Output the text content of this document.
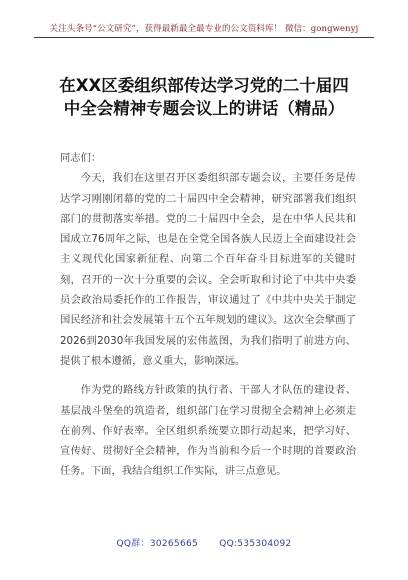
关注头条号“公文研究”，获得最新最全最专业的公文资料库！ 微信：gongwenyj
在XX区委组织部传达学习党的二十届四
中全会精神专题会议上的讲话（精品）

同志们：

今天，我们在这里召开区委组织部专题会议，主要任务是传达学习刚刚闭幕的党的二十届四中全会精神，研究部署我们组织部门的贯彻落实举措。党的二十届四中全会，是在中华人民共和国成立76周年之际，也是在全党全国各族人民迈上全面建设社会主义现代化国家新征程、向第二个百年奋斗目标进军的关键时刻，召开的一次十分重要的会议。全会听取和讨论了中共中央委员会政治局委托作的工作报告，审议通过了《中共中央关于制定国民经济和社会发展第十五个五年规划的建议》。这次全会擘画了2026到2030年我国发展的宏伟蓝图，为我们指明了前进方向、提供了根本遵循，意义重大，影响深远。

作为党的路线方针政策的执行者、干部人才队伍的建设者、基层战斗堡垒的筑造者，组织部门在学习贯彻全会精神上必须走在前列、作好表率。全区组织系统要立即行动起来，把学习好、宣传好、贯彻好全会精神，作为当前和今后一个时期的首要政治任务。下面，我结合组织工作实际，讲三点意见。

QQ群：30265665 QQ:535304092
